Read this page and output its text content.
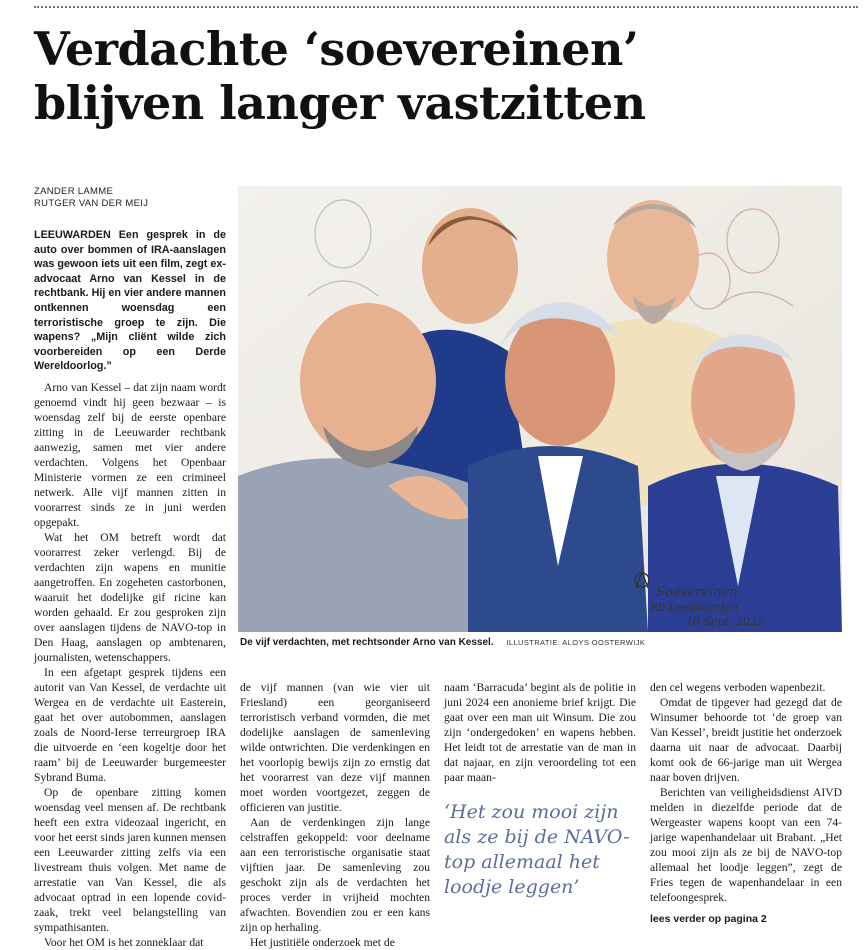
Verdachte ‘soevereinen’
blijven langer vastzitten
ZANDER LAMME
RUTGER VAN DER MEIJ

LEEUWARDEN Een gesprek in de auto over bommen of IRA-aanslagen was gewoon iets uit een film, zegt ex-advocaat Arno van Kessel in de rechtbank. Hij en vier andere mannen ontkennen woensdag een terroristische groep te zijn. Die wapens? „Mijn cliënt wilde zich voorbereiden op een Derde Wereldoorlog.”

Arno van Kessel – dat zijn naam wordt genoemd vindt hij geen bezwaar – is woensdag zelf bij de eerste openbare zitting in de Leeuwarder rechtbank aanwezig, samen met vier andere verdachten. Volgens het Openbaar Ministerie vormen ze een crimineel netwerk. Alle vijf mannen zitten in voorarrest sinds ze in juni werden opgepakt.

Wat het OM betreft wordt dat voorarrest zeker verlengd. Bij de verdachten zijn wapens en munitie aangetroffen. En zogeheten castorbonen, waaruit het dodelijke gif ricine kan worden gehaald. Er zou gesproken zijn over aanslagen tijdens de NAVO-top in Den Haag, aanslagen op ambtenaren, journalisten, wetenschappers.

In een afgetapt gesprek tijdens een autorit van Van Kessel, de verdachte uit Wergea en de verdachte uit Easterein, gaat het over autobommen, aanslagen zoals de Noord-Ierse terreurgroep IRA die uitvoerde en ‘een kogeltje door het raam’ bij de Leeuwarder burgemeester Sybrand Buma.

Op de openbare zitting komen woensdag veel mensen af. De rechtbank heeft een extra videozaal ingericht, en voor het eerst sinds jaren kunnen mensen een Leeuwarder zitting zelfs via een livestream thuis volgen. Met name de arrestatie van Van Kessel, die als advocaat optrad in een lopende covid-zaak, trekt veel belangstelling van sympathisanten.

Voor het OM is het zonneklaar dat

Soevereinen
Rb Leeuwarden
10 Sept. 2025
De vijf verdachten, met rechtsonder Arno van Kessel. ILLUSTRATIE: ALOYS OOSTERWIJK

de vijf mannen (van wie vier uit Friesland) een georganiseerd terroristisch verband vormden, die met dodelijke aanslagen de samenleving wilde ontwrichten. Die verdenkingen en het voorlopig bewijs zijn zo ernstig dat het voorarrest van deze vijf mannen moet worden voortgezet, zeggen de officieren van justitie.

Aan de verdenkingen zijn lange celstraffen gekoppeld: voor deelname aan een terroristische organisatie staat vijftien jaar. De samenleving zou geschokt zijn als de verdachten het proces verder in vrijheid mochten afwachten. Bovendien zou er een kans zijn op herhaling.

Het justitiële onderzoek met de

naam ‘Barracuda’ begint als de politie in juni 2024 een anonieme brief krijgt. Die gaat over een man uit Winsum. Die zou zijn ‘ondergedoken’ en wapens hebben. Het leidt tot de arrestatie van de man in dat najaar, en zijn veroordeling tot een paar maan-

‘Het zou mooi zijn als ze bij de NAVO-top allemaal het loodje leggen’

den cel wegens verboden wapenbezit.

Omdat de tipgever had gezegd dat de Winsumer behoorde tot ‘de groep van Van Kessel’, breidt justitie het onderzoek daarna uit naar de advocaat. Daarbij komt ook de 66-jarige man uit Wergea naar boven drijven.

Berichten van veiligheidsdienst AIVD melden in diezelfde periode dat de Wergeaster wapens koopt van een 74-jarige wapenhandelaar uit Brabant. „Het zou mooi zijn als ze bij de NAVO-top allemaal het loodje leggen”, zegt de Fries tegen de wapenhandelaar in een telefoongesprek.

lees verder op pagina 2
